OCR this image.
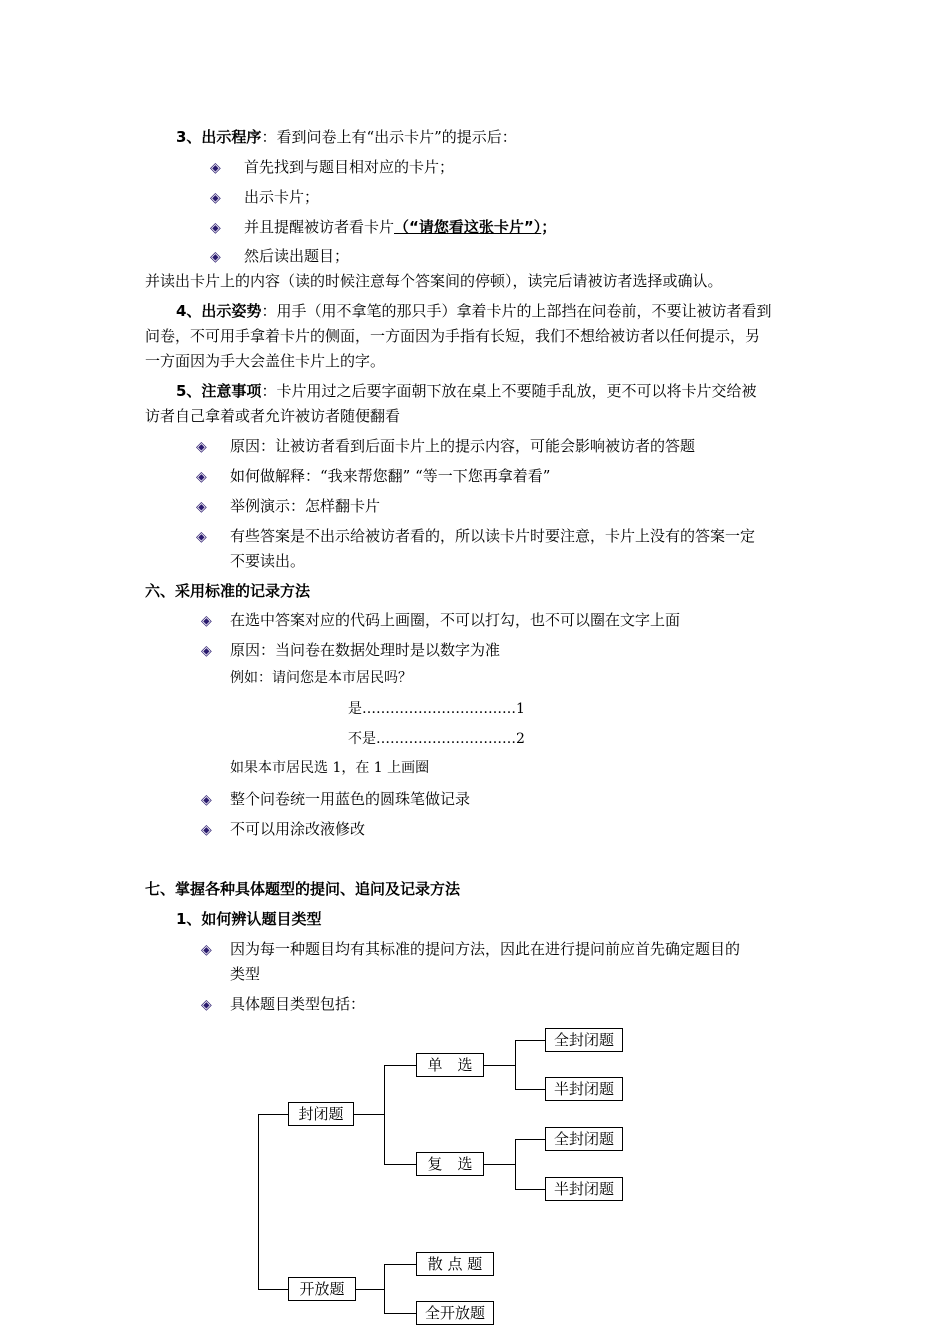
3、出示程序：看到问卷上有“出示卡片”的提示后：
◈ 首先找到与题目相对应的卡片；
◈ 出示卡片；
◈ 并且提醒被访者看卡片（“请您看这张卡片”）；
◈ 然后读出题目；
并读出卡片上的内容（读的时候注意每个答案间的停顿），读完后请被访者选择或确认。
4、出示姿势：用手（用不拿笔的那只手）拿着卡片的上部挡在问卷前，不要让被访者看到
问卷，不可用手拿着卡片的侧面，一方面因为手指有长短，我们不想给被访者以任何提示，另
一方面因为手大会盖住卡片上的字。
5、注意事项：卡片用过之后要字面朝下放在桌上不要随手乱放，更不可以将卡片交给被
访者自己拿着或者允许被访者随便翻看
◈ 原因：让被访者看到后面卡片上的提示内容，可能会影响被访者的答题
◈ 如何做解释：“我来帮您翻” “等一下您再拿着看”
◈ 举例演示：怎样翻卡片
◈ 有些答案是不出示给被访者看的，所以读卡片时要注意，卡片上没有的答案一定
不要读出。
六、采用标准的记录方法
◈ 在选中答案对应的代码上画圈，不可以打勾，也不可以圈在文字上面
◈ 原因：当问卷在数据处理时是以数字为准
例如：请问您是本市居民吗？
是……………………………1
不是…………………………2
如果本市居民选 1，在 1 上画圈
◈ 整个问卷统一用蓝色的圆珠笔做记录
◈ 不可以用涂改液修改
七、掌握各种具体题型的提问、追问及记录方法
1、如何辨认题目类型
◈ 因为每一种题目均有其标准的提问方法，因此在进行提问前应首先确定题目的
类型
◈ 具体题目类型包括：
封闭题
单　选
复　选
全封闭题
半封闭题
全封闭题
半封闭题
开放题
散 点 题
全开放题
